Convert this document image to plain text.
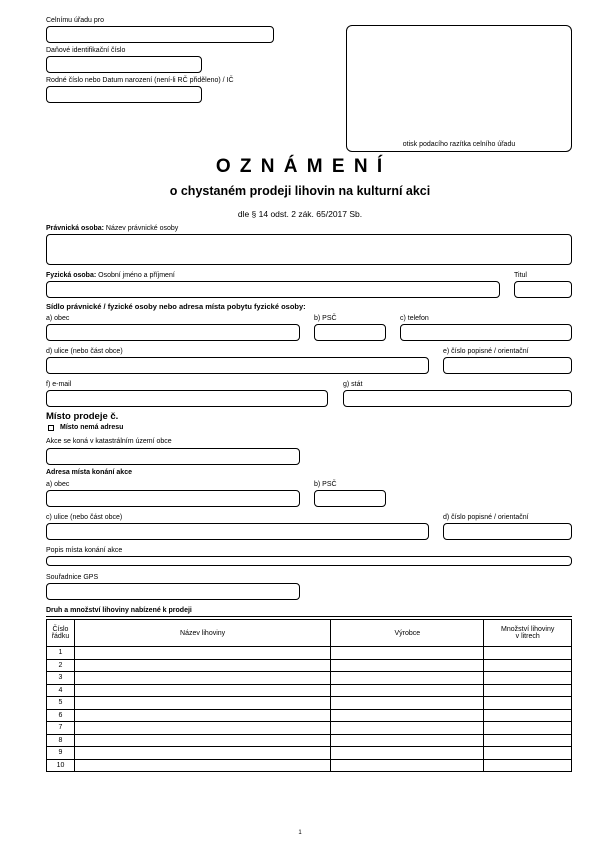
Celnímu úřadu pro
Daňové identifikační číslo
Rodné číslo nebo Datum narození (není-li RČ přiděleno) / IČ
otisk podacího razítka celního úřadu
O Z N Á M E N Í
o chystaném prodeji lihovin na kulturní akci
dle § 14 odst. 2 zák. 65/2017 Sb.
Právnická osoba: Název právnické osoby
Fyzická osoba: Osobní jméno a příjmení	Titul
Sídlo právnické / fyzické osoby nebo adresa místa pobytu fyzické osoby:
a) obec	b) PSČ	c) telefon
d) ulice (nebo část obce)	e) číslo popisné / orientační
f) e-mail	g) stát
Místo prodeje č.
Místo nemá adresu
Akce se koná v katastrálním území obce
Adresa místa konání akce
a) obec	b) PSČ
c) ulice (nebo část obce)	d) číslo popisné / orientační
Popis místa konání akce
Souřadnice GPS
Druh a množství lihoviny nabízené k prodeji
Číslo
řádku	Název lihoviny	Výrobce	Množství lihoviny
v litrech
1			
2			
3			
4			
5			
6			
7			
8			
9			
10			
1
